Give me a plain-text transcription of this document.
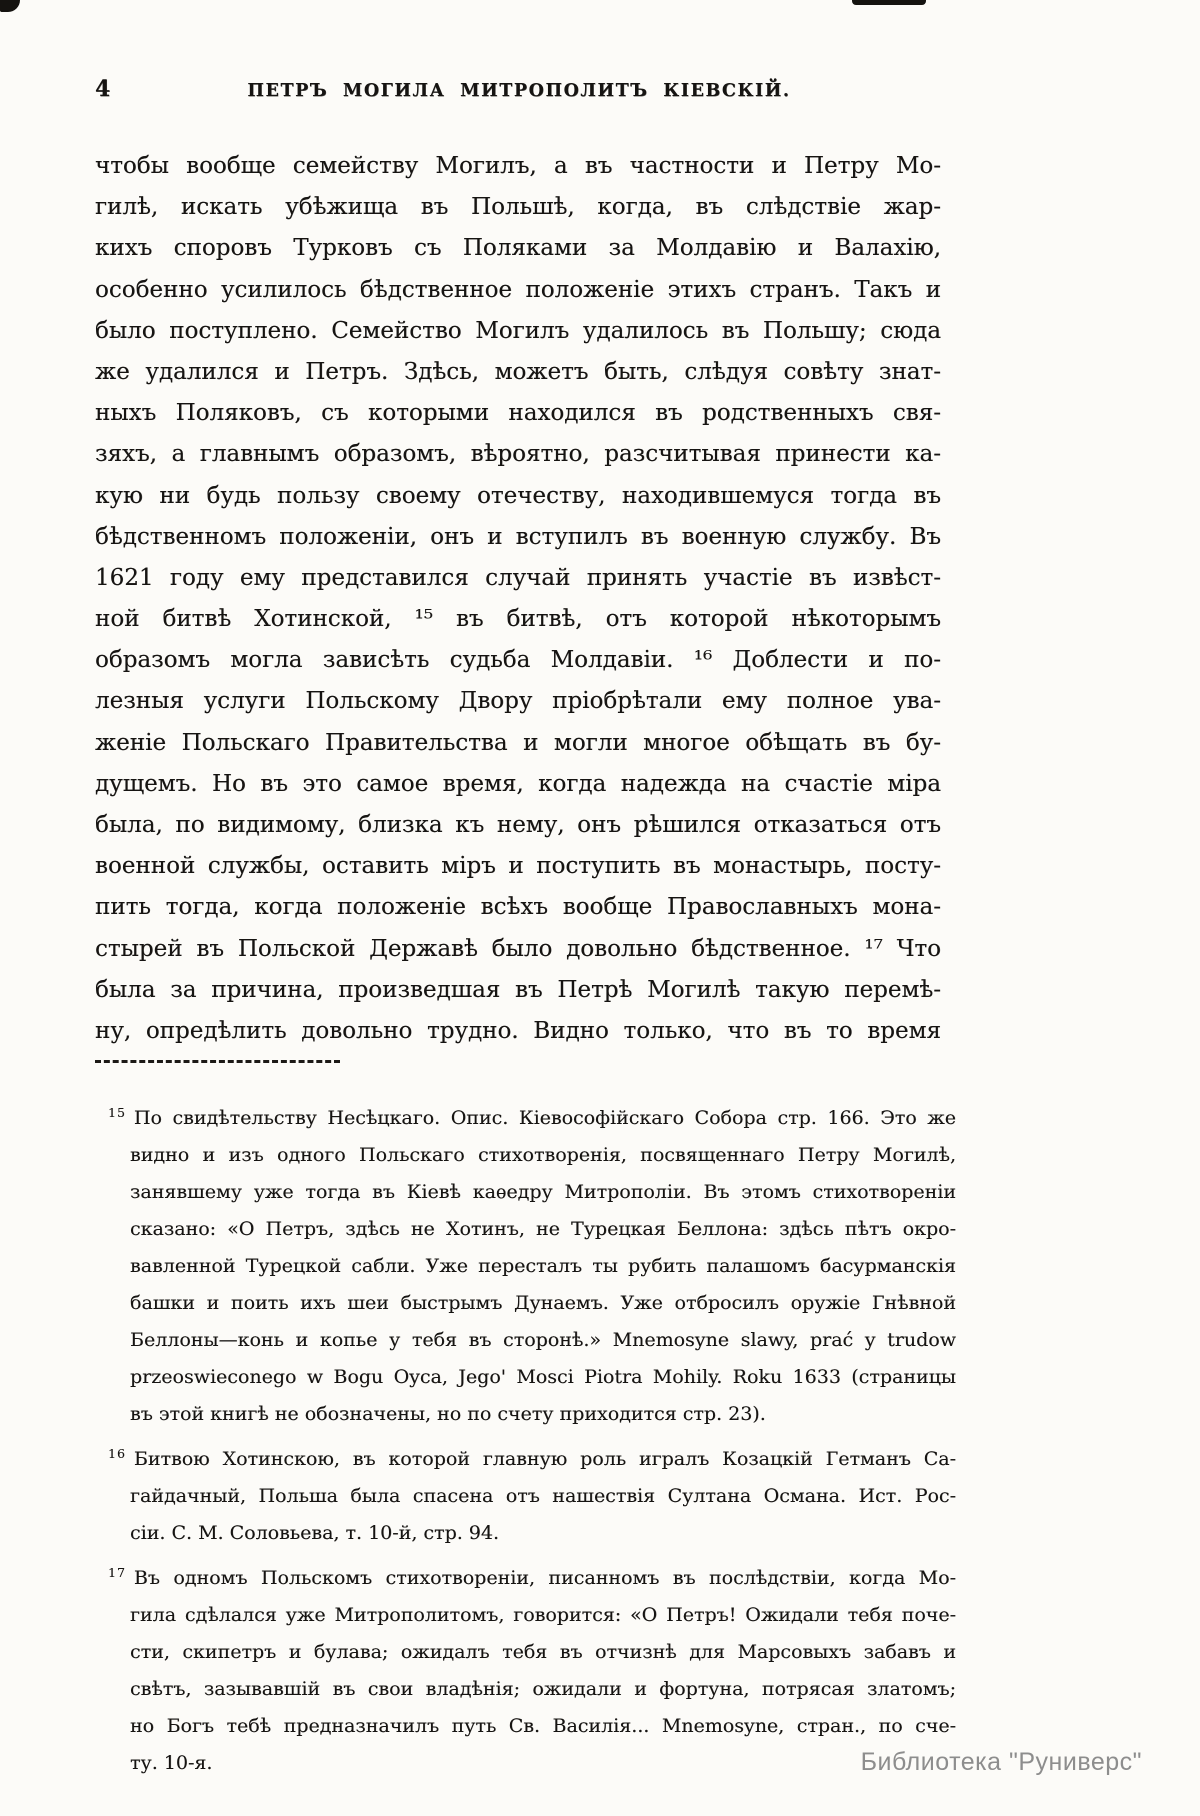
4	ПЕТРЪ МОГИЛА МИТРОПОЛИТЪ КІЕВСКІЙ.
чтобы вообще семейству Могилъ, а въ частности и Петру Мо-
гилѣ, искать убѣжища въ Польшѣ, когда, въ слѣдствіе жар-
кихъ споровъ Турковъ съ Поляками за Молдавію и Валахію,
особенно усилилось бѣдственное положеніе этихъ странъ. Такъ и
было поступлено. Семейство Могилъ удалилось въ Польшу; сюда
же удалился и Петръ. Здѣсь, можетъ быть, слѣдуя совѣту знат-
ныхъ Поляковъ, съ которыми находился въ родственныхъ свя-
зяхъ, а главнымъ образомъ, вѣроятно, разсчитывая принести ка-
кую ни будь пользу своему отечеству, находившемуся тогда въ
бѣдственномъ положеніи, онъ и вступилъ въ военную службу. Въ
1621 году ему представился случай принять участіе въ извѣст-
ной битвѣ Хотинской, ¹⁵ въ битвѣ, отъ которой нѣкоторымъ
образомъ могла зависѣть судьба Молдавіи. ¹⁶ Доблести и по-
лезныя услуги Польскому Двору пріобрѣтали ему полное ува-
женіе Польскаго Правительства и могли многое обѣщать въ бу-
дущемъ. Но въ это самое время, когда надежда на счастіе міра
была, по видимому, близка къ нему, онъ рѣшился отказаться отъ
военной службы, оставить міръ и поступить въ монастырь, посту-
пить тогда, когда положеніе всѣхъ вообще Православныхъ мона-
стырей въ Польской Державѣ было довольно бѣдственное. ¹⁷ Что
была за причина, произведшая въ Петрѣ Могилѣ такую перемѣ-
ну, опредѣлить довольно трудно. Видно только, что въ то время
$^{15}$ По свидѣтельству Несѣцкаго. Опис. Кіевософійскаго Собора стр. 166. Это же
видно и изъ одного Польскаго стихотворенія, посвященнаго Петру Могилѣ,
занявшему уже тогда въ Кіевѣ каѳедру Митрополіи. Въ этомъ стихотвореніи
сказано: «О Петръ, здѣсь не Хотинъ, не Турецкая Беллона: здѣсь пѣтъ окро-
вавленной Турецкой сабли. Уже пересталъ ты рубить палашомъ басурманскія
башки и поить ихъ шеи быстрымъ Дунаемъ. Уже отбросилъ оружіе Гнѣвной
Беллоны—конь и копье у тебя въ сторонѣ.» Mnemosyne slawy, prać y trudow
przeoswieconego w Bogu Oyca, Jego' Mosci Piotra Mohily. Roku 1633 (страницы
въ этой книгѣ не обозначены, но по счету приходится стр. 23).
$^{16}$ Битвою Хотинскою, въ которой главную роль игралъ Козацкій Гетманъ Са-
гайдачный, Польша была спасена отъ нашествія Султана Османа. Ист. Рос-
сіи. С. М. Соловьева, т. 10-й, стр. 94.
$^{17}$ Въ одномъ Польскомъ стихотвореніи, писанномъ въ послѣдствіи, когда Мо-
гила сдѣлался уже Митрополитомъ, говорится: «О Петръ! Ожидали тебя поче-
сти, скипетръ и булава; ожидалъ тебя въ отчизнѣ для Марсовыхъ забавъ и
свѣтъ, зазывавшій въ свои владѣнія; ожидали и фортуна, потрясая златомъ;
но Богъ тебѣ предназначилъ путь Св. Василія... Mnemosyne, стран., по сче-
ту. 10-я.	Библиотека "Руниверс"
